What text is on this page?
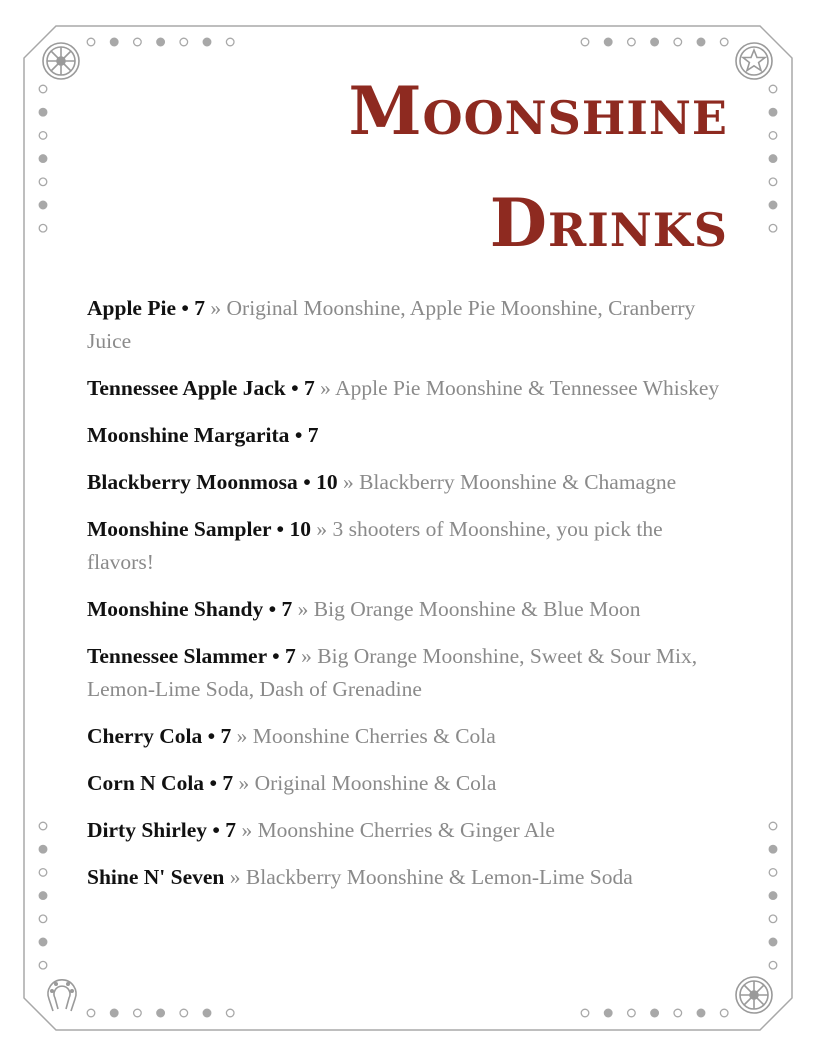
Moonshine
Drinks

Apple Pie • 7 » Original Moonshine, Apple Pie Moonshine, Cranberry Juice

Tennessee Apple Jack • 7 » Apple Pie Moonshine & Tennessee Whiskey

Moonshine Margarita • 7

Blackberry Moonmosa • 10 » Blackberry Moonshine & Chamagne

Moonshine Sampler • 10 » 3 shooters of Moonshine, you pick the flavors!

Moonshine Shandy • 7 » Big Orange Moonshine & Blue Moon

Tennessee Slammer • 7 » Big Orange Moonshine, Sweet & Sour Mix, Lemon-Lime Soda, Dash of Grenadine

Cherry Cola • 7 » Moonshine Cherries & Cola

Corn N Cola • 7 » Original Moonshine & Cola

Dirty Shirley • 7 » Moonshine Cherries & Ginger Ale

Shine N' Seven » Blackberry Moonshine & Lemon-Lime Soda
